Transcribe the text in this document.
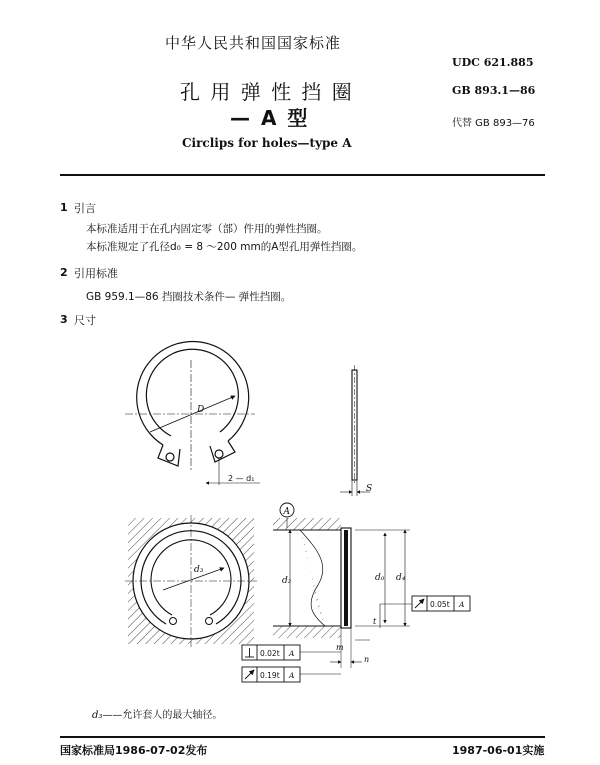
中华人民共和国国家标准
UDC 621.885
孔 用 弹 性 挡 圈	GB 893.1—86
— A 型	代替 GB 893—76
Circlips for holes—type A
1 引言
本标准适用于在孔内固定零（部）件用的弹性挡圈。
本标准规定了孔径d₀ = 8 ～200 mm的A型孔用弹性挡圈。
2 引用标准
GB 959.1—86 挡圈技术条件— 弹性挡圈。
3 尺寸
D
2 — d₁
S
d₃
A
d₂	d₀ d₄
m
n
t
0.02t A
0.19t A
0.05t A
d₃——允许套人的最大轴径。
国家标准局1986-07-02发布	1987-06-01实施
